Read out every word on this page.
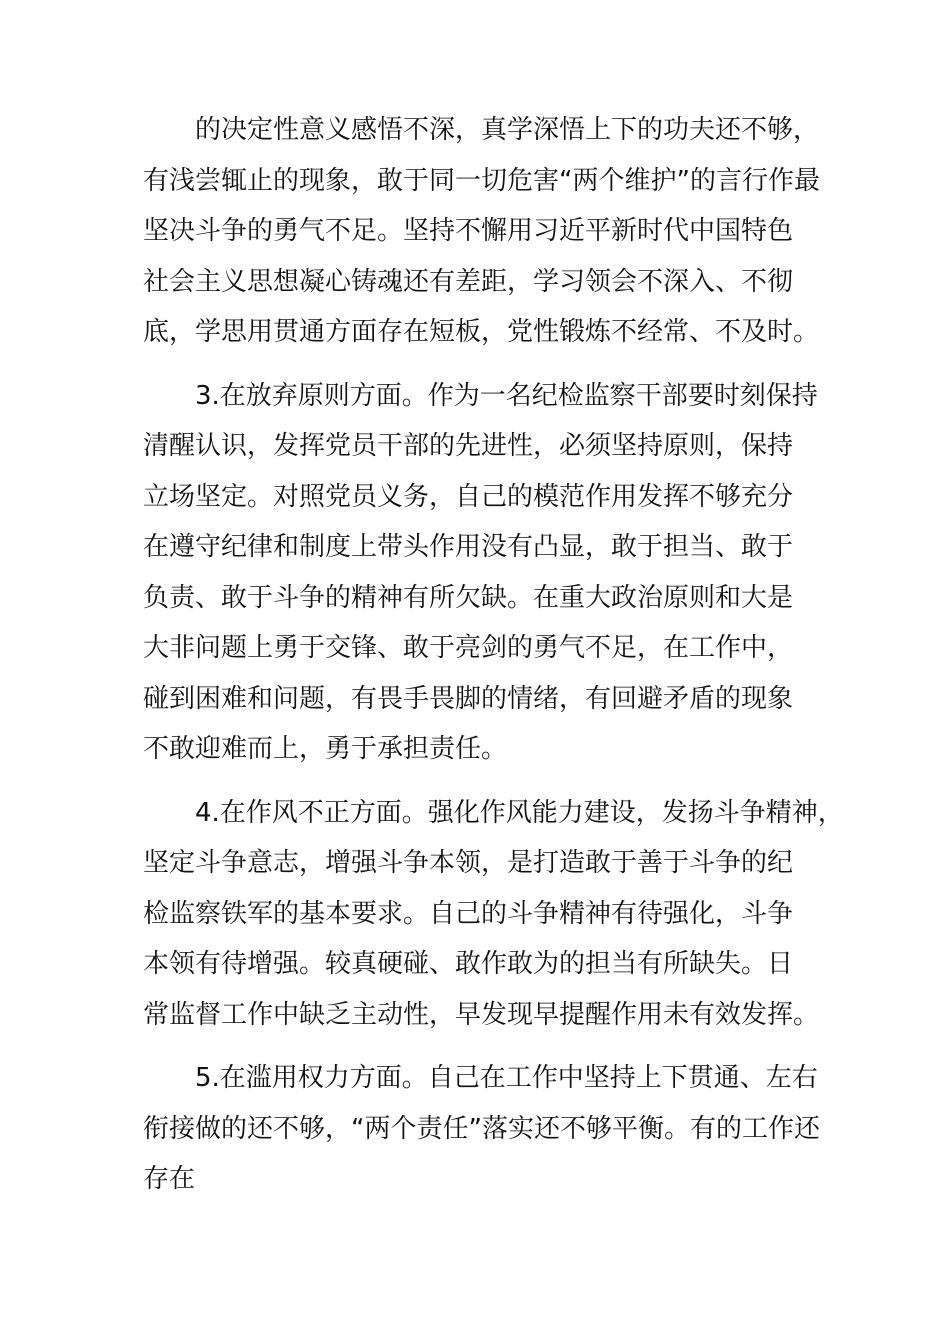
的决定性意义感悟不深，真学深悟上下的功夫还不够，
有浅尝辄止的现象，敢于同一切危害“两个维护”的言行作最
坚决斗争的勇气不足。坚持不懈用习近平新时代中国特色
社会主义思想凝心铸魂还有差距，学习领会不深入、不彻
底，学思用贯通方面存在短板，党性锻炼不经常、不及时。
3.在放弃原则方面。作为一名纪检监察干部要时刻保持
清醒认识，发挥党员干部的先进性，必须坚持原则，保持
立场坚定。对照党员义务，自己的模范作用发挥不够充分
在遵守纪律和制度上带头作用没有凸显，敢于担当、敢于
负责、敢于斗争的精神有所欠缺。在重大政治原则和大是
大非问题上勇于交锋、敢于亮剑的勇气不足，在工作中，
碰到困难和问题，有畏手畏脚的情绪，有回避矛盾的现象
不敢迎难而上，勇于承担责任。
4.在作风不正方面。强化作风能力建设，发扬斗争精神，
坚定斗争意志，增强斗争本领，是打造敢于善于斗争的纪
检监察铁军的基本要求。自己的斗争精神有待强化，斗争
本领有待增强。较真硬碰、敢作敢为的担当有所缺失。日
常监督工作中缺乏主动性，早发现早提醒作用未有效发挥。
5.在滥用权力方面。自己在工作中坚持上下贯通、左右
衔接做的还不够，“两个责任”落实还不够平衡。有的工作还
存在
